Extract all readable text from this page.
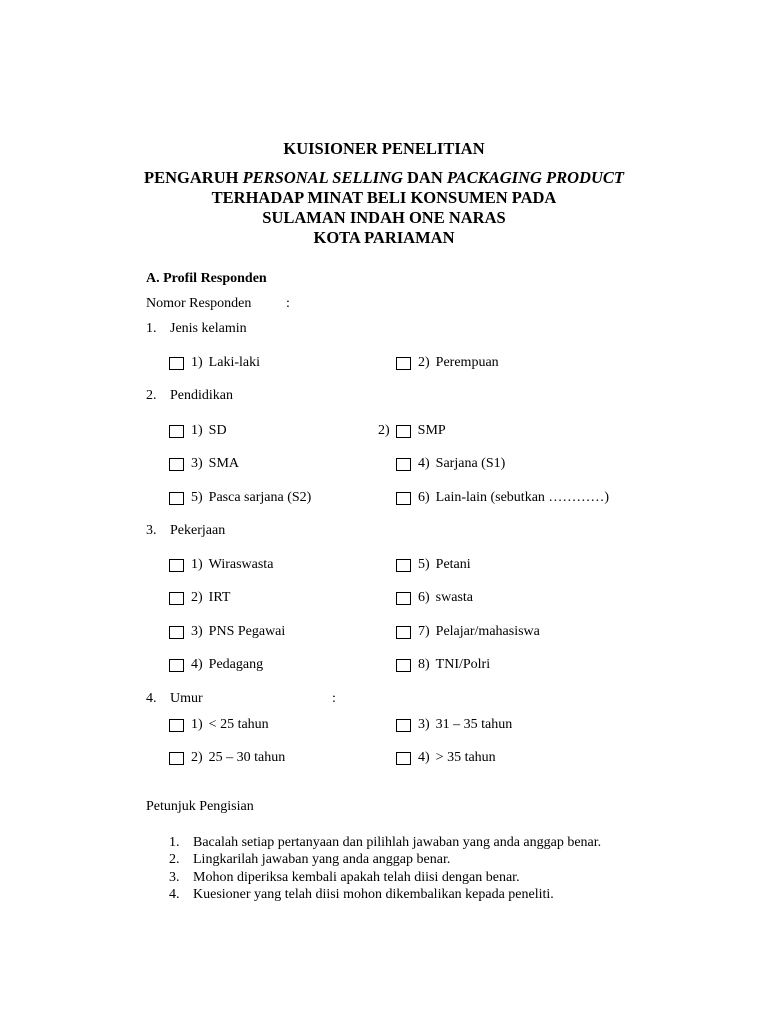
KUISIONER PENELITIAN
PENGARUH PERSONAL SELLING DAN PACKAGING PRODUCT
TERHADAP MINAT BELI KONSUMEN PADA
SULAMAN INDAH ONE NARAS
KOTA PARIAMAN
A. Profil Responden
Nomor Responden :
1. Jenis kelamin
1) Laki-laki	2) Perempuan
2. Pendidikan
1) SD	2) SMP
3) SMA	4) Sarjana (S1)
5) Pasca sarjana (S2)	6) Lain-lain (sebutkan …………)
3. Pekerjaan
1) Wiraswasta	5) Petani
2) IRT	6) swasta
3) PNS Pegawai	7) Pelajar/mahasiswa
4) Pedagang	8) TNI/Polri
4. Umur	:
1) < 25 tahun	3) 31 – 35 tahun
2) 25 – 30 tahun	4) > 35 tahun
Petunjuk Pengisian
1. Bacalah setiap pertanyaan dan pilihlah jawaban yang anda anggap benar.
2. Lingkarilah jawaban yang anda anggap benar.
3. Mohon diperiksa kembali apakah telah diisi dengan benar.
4. Kuesioner yang telah diisi mohon dikembalikan kepada peneliti.
